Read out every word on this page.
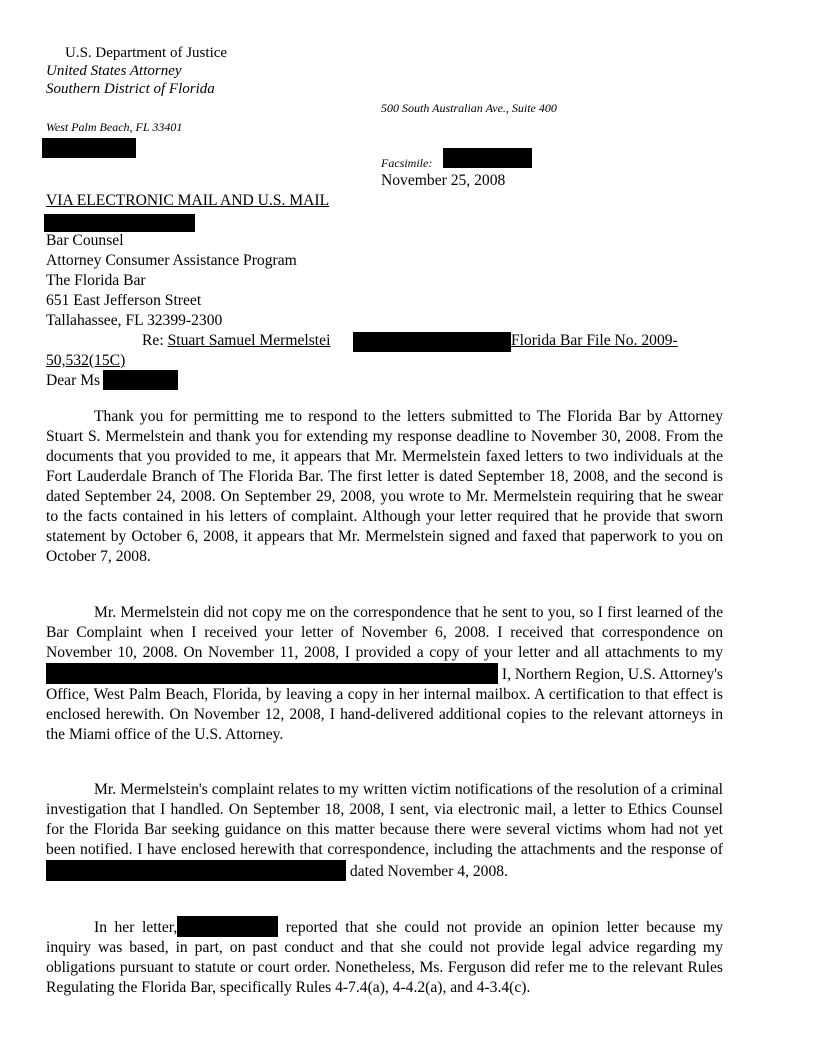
U.S. Department of Justice
United States Attorney
Southern District of Florida
500 South Australian Ave., Suite 400
West Palm Beach, FL 33401
Facsimile:
November 25, 2008
VIA ELECTRONIC MAIL AND U.S. MAIL
Bar Counsel
Attorney Consumer Assistance Program
The Florida Bar
651 East Jefferson Street
Tallahassee, FL 32399-2300
Re: Stuart Samuel Mermelstei	Florida Bar File No. 2009-
50,532(15C)
Dear Ms

Thank you for permitting me to respond to the letters submitted to The Florida Bar by Attorney Stuart S. Mermelstein and thank you for extending my response deadline to November 30, 2008. From the documents that you provided to me, it appears that Mr. Mermelstein faxed letters to two individuals at the Fort Lauderdale Branch of The Florida Bar. The first letter is dated September 18, 2008, and the second is dated September 24, 2008. On September 29, 2008, you wrote to Mr. Mermelstein requiring that he swear to the facts contained in his letters of complaint. Although your letter required that he provide that sworn statement by October 6, 2008, it appears that Mr. Mermelstein signed and faxed that paperwork to you on October 7, 2008.

Mr. Mermelstein did not copy me on the correspondence that he sent to you, so I first learned of the Bar Complaint when I received your letter of November 6, 2008. I received that correspondence on November 10, 2008. On November 11, 2008, I provided a copy of your letter and all attachments to my  I, Northern Region, U.S. Attorney's Office, West Palm Beach, Florida, by leaving a copy in her internal mailbox. A certification to that effect is enclosed herewith. On November 12, 2008, I hand-delivered additional copies to the relevant attorneys in the Miami office of the U.S. Attorney.

Mr. Mermelstein's complaint relates to my written victim notifications of the resolution of a criminal investigation that I handled. On September 18, 2008, I sent, via electronic mail, a letter to Ethics Counsel for the Florida Bar seeking guidance on this matter because there were several victims whom had not yet been notified. I have enclosed herewith that correspondence, including the attachments and the response of  dated November 4, 2008.

In her letter,	reported that she could not provide an opinion letter because my inquiry was based, in part, on past conduct and that she could not provide legal advice regarding my obligations pursuant to statute or court order. Nonetheless, Ms. Ferguson did refer me to the relevant Rules Regulating the Florida Bar, specifically Rules 4-7.4(a), 4-4.2(a), and 4-3.4(c).
